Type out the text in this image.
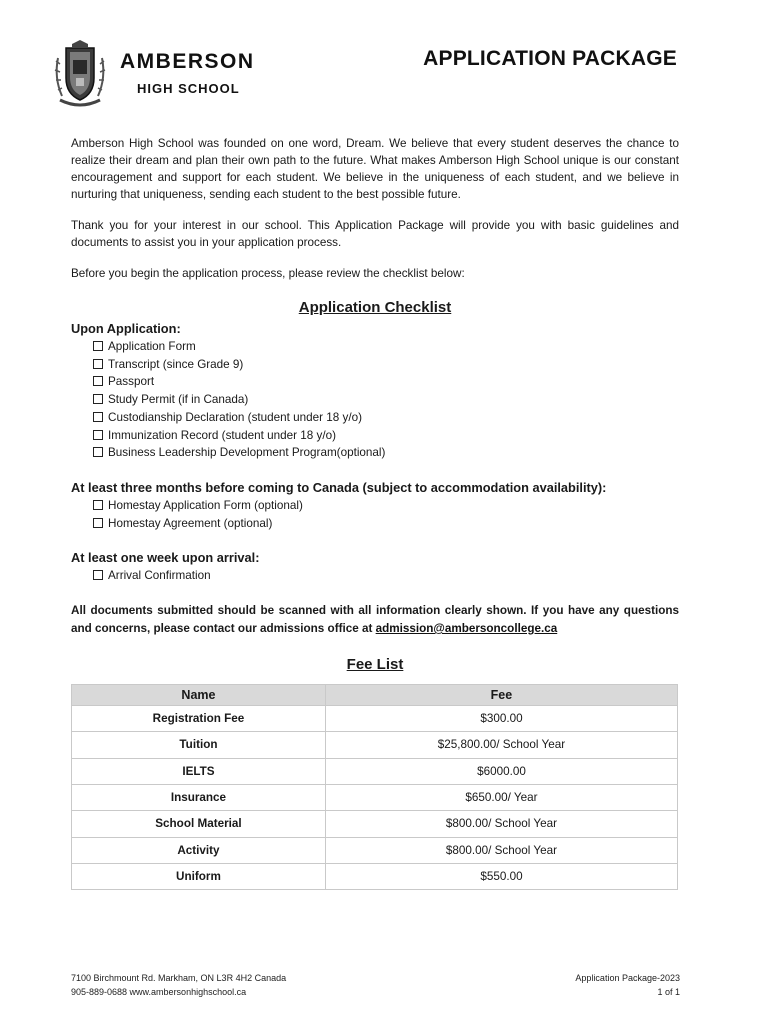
AMBERSON
HIGH SCHOOL
APPLICATION PACKAGE

Amberson High School was founded on one word, Dream. We believe that every student deserves the chance to realize their dream and plan their own path to the future. What makes Amberson High School unique is our constant encouragement and support for each student. We believe in the uniqueness of each student, and we believe in nurturing that uniqueness, sending each student to the best possible future.

Thank you for your interest in our school. This Application Package will provide you with basic guidelines and documents to assist you in your application process.

Before you begin the application process, please review the checklist below:

Application Checklist
Upon Application:
Application Form
Transcript (since Grade 9)
Passport
Study Permit (if in Canada)
Custodianship Declaration (student under 18 y/o)
Immunization Record (student under 18 y/o)
Business Leadership Development Program(optional)
At least three months before coming to Canada (subject to accommodation availability):
Homestay Application Form (optional)
Homestay Agreement (optional)
At least one week upon arrival:
Arrival Confirmation

All documents submitted should be scanned with all information clearly shown. If you have any questions and concerns, please contact our admissions office at admission@ambersoncollege.ca

Fee List
Name	Fee
Registration Fee	$300.00
Tuition	$25,800.00/ School Year
IELTS	$6000.00
Insurance	$650.00/ Year
School Material	$800.00/ School Year
Activity	$800.00/ School Year
Uniform	$550.00
7100 Birchmount Rd. Markham, ON L3R 4H2 Canada
905-889-0688 www.ambersonhighschool.ca
Application Package-2023
1 of 1
